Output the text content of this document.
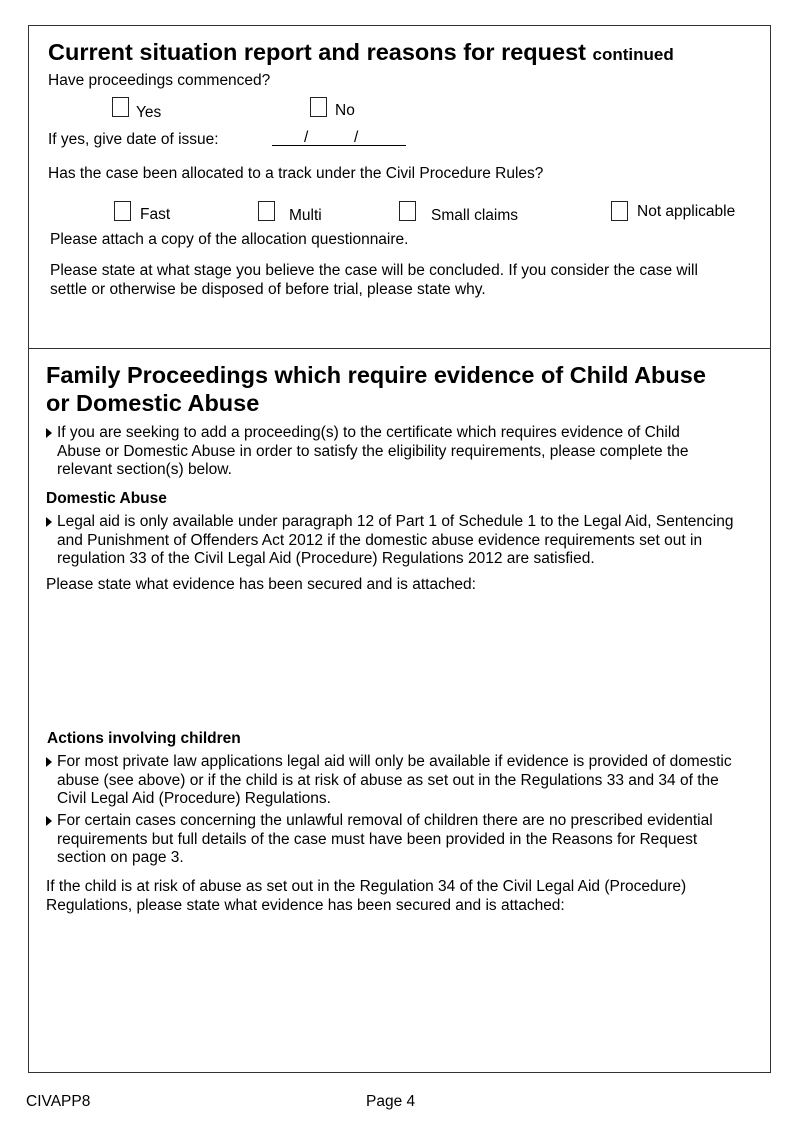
Current situation report and reasons for request continued
Have proceedings commenced?
Yes	No
If yes, give date of issue:	/	/
Has the case been allocated to a track under the Civil Procedure Rules?
Fast	Multi	Small claims	Not applicable
Please attach a copy of the allocation questionnaire.
Please state at what stage you believe the case will be concluded. If you consider the case will
settle or otherwise be disposed of before trial, please state why.
Family Proceedings which require evidence of Child Abuse
or Domestic Abuse
If you are seeking to add a proceeding(s) to the certificate which requires evidence of Child
Abuse or Domestic Abuse in order to satisfy the eligibility requirements, please complete the
relevant section(s) below.
Domestic Abuse
Legal aid is only available under paragraph 12 of Part 1 of Schedule 1 to the Legal Aid, Sentencing
and Punishment of Offenders Act 2012 if the domestic abuse evidence requirements set out in
regulation 33 of the Civil Legal Aid (Procedure) Regulations 2012 are satisfied.
Please state what evidence has been secured and is attached:
Actions involving children
For most private law applications legal aid will only be available if evidence is provided of domestic
abuse (see above) or if the child is at risk of abuse as set out in the Regulations 33 and 34 of the
Civil Legal Aid (Procedure) Regulations.
For certain cases concerning the unlawful removal of children there are no prescribed evidential
requirements but full details of the case must have been provided in the Reasons for Request
section on page 3.
If the child is at risk of abuse as set out in the Regulation 34 of the Civil Legal Aid (Procedure)
Regulations, please state what evidence has been secured and is attached:
CIVAPP8	Page 4
